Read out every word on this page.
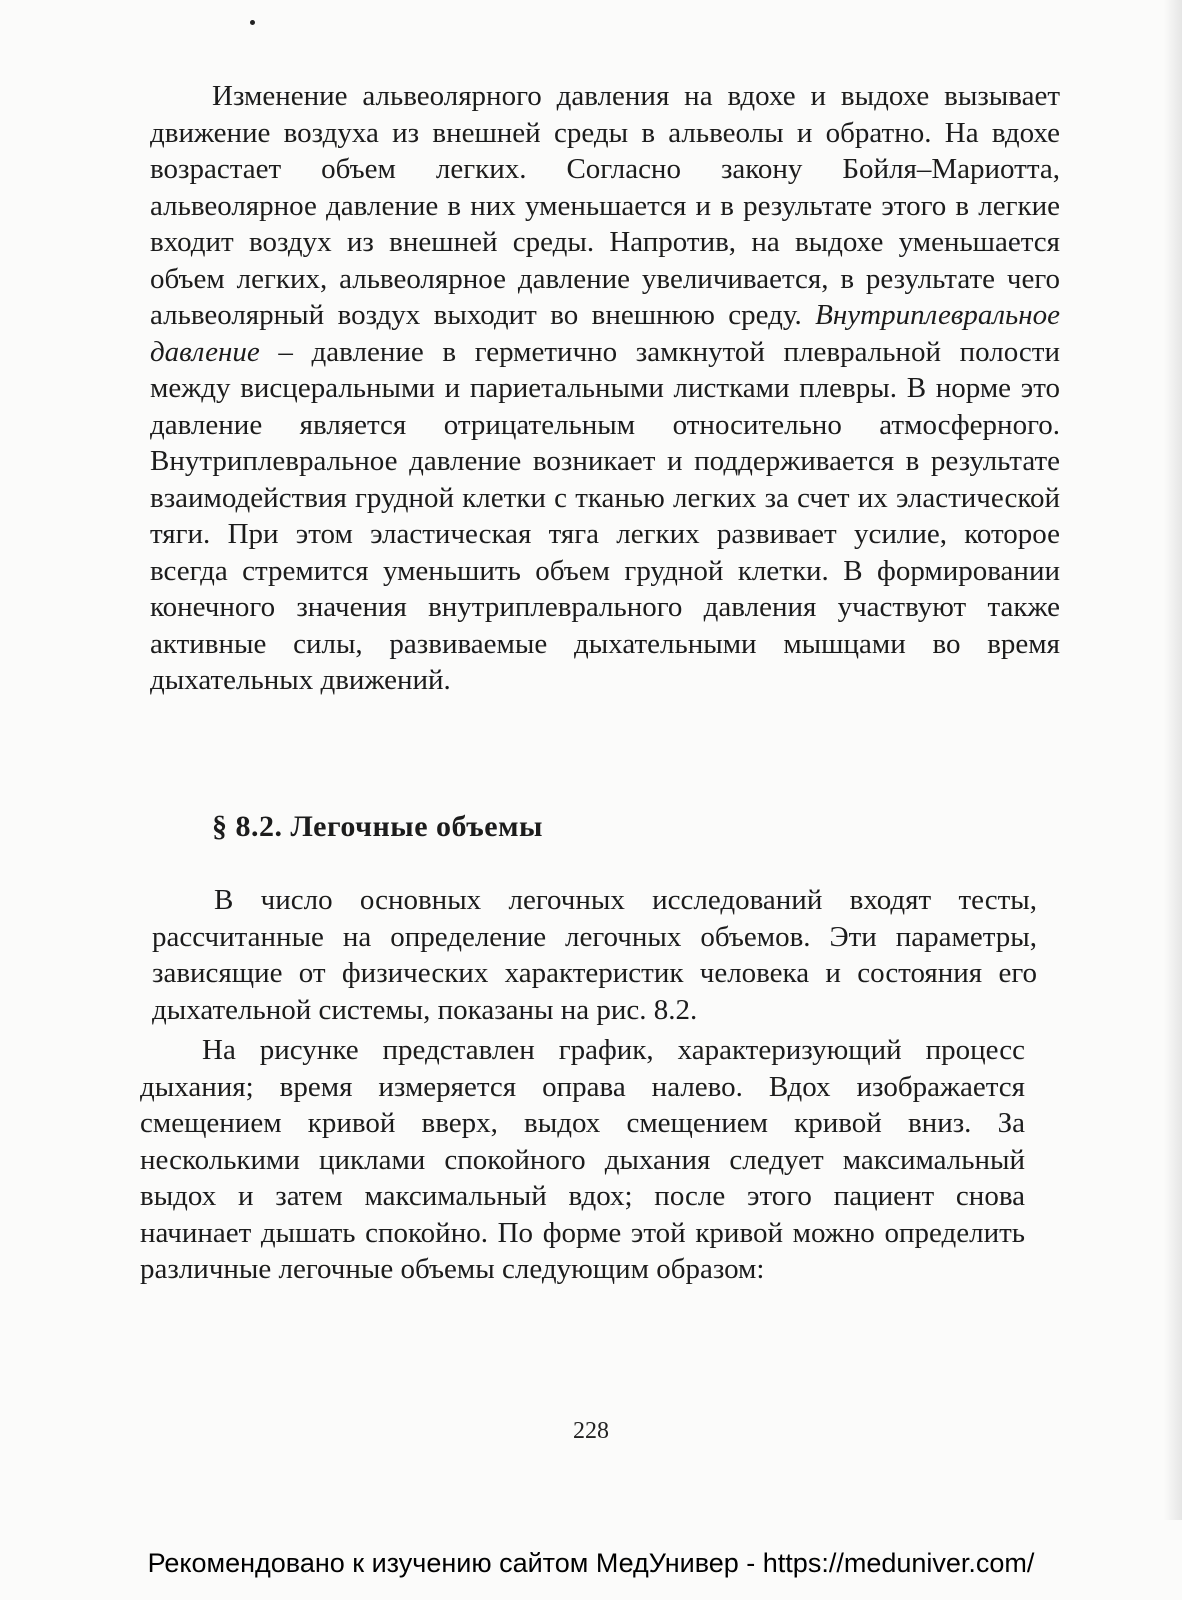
Изменение альвеолярного давления на вдохе и выдохе вызывает движение воздуха из внешней среды в альвеолы и обратно. На вдохе возрастает объем легких. Согласно закону Бойля–Мариотта, альвеолярное давление в них уменьшается и в результате этого в легкие входит воздух из внешней среды. Напротив, на выдохе уменьшается объем легких, альвеолярное давление увеличивается, в результате чего альвеолярный воздух выходит во внешнюю среду. Внутриплевральное давление – давление в герметично замкнутой плевральной полости между висцеральными и париетальными листками плевры. В норме это давление является отрицательным относительно атмосферного. Внутриплевральное давление возникает и поддерживается в результате взаимодействия грудной клетки с тканью легких за счет их эластической тяги. При этом эластическая тяга легких развивает усилие, которое всегда стремится уменьшить объем грудной клетки. В формировании конечного значения внутриплеврального давления участвуют также активные силы, развиваемые дыхательными мышцами во время дыхательных движений.

§ 8.2. Легочные объемы

В число основных легочных исследований входят тесты, рассчитанные на определение легочных объемов. Эти параметры, зависящие от физических характеристик человека и состояния его дыхательной системы, показаны на рис. 8.2.

На рисунке представлен график, характеризующий процесс дыхания; время измеряется оправа налево. Вдох изображается смещением кривой вверх, выдох смещением кривой вниз. За несколькими циклами спокойного дыхания следует максимальный выдох и затем максимальный вдох; после этого пациент снова начинает дышать спокойно. По форме этой кривой можно определить различные легочные объемы следующим образом:

228
Рекомендовано к изучению сайтом МедУнивер - https://meduniver.com/
